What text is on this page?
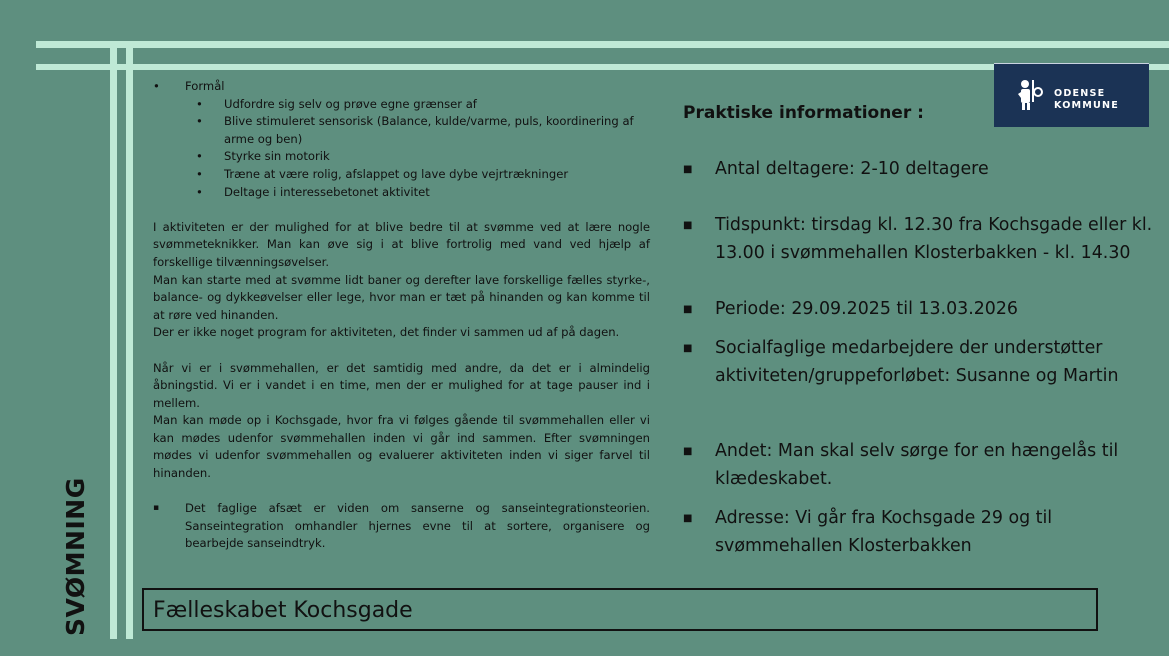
ODENSE
KOMMUNE
• Formål
• Udfordre sig selv og prøve egne grænser af
• Blive stimuleret sensorisk (Balance, kulde/varme, puls, koordinering af arme og ben)
• Styrke sin motorik
• Træne at være rolig, afslappet og lave dybe vejrtrækninger
• Deltage i interessebetonet aktivitet

I aktiviteten er der mulighed for at blive bedre til at svømme ved at lære nogle svømmeteknikker. Man kan øve sig i at blive fortrolig med vand ved hjælp af forskellige tilvænningsøvelser.

Man kan starte med at svømme lidt baner og derefter lave forskellige fælles styrke-, balance- og dykkeøvelser eller lege, hvor man er tæt på hinanden og kan komme til at røre ved hinanden.

Der er ikke noget program for aktiviteten, det finder vi sammen ud af på dagen.

Når vi er i svømmehallen, er det samtidig med andre, da det er i almindelig åbningstid. Vi er i vandet i en time, men der er mulighed for at tage pauser ind i mellem.

Man kan møde op i Kochsgade, hvor fra vi følges gående til svømmehallen eller vi kan mødes udenfor svømmehallen inden vi går ind sammen. Efter svømningen mødes vi udenfor svømmehallen og evaluerer aktiviteten inden vi siger farvel til hinanden.

▪ Det faglige afsæt er viden om sanserne og sanseintegrationsteorien. Sanseintegration omhandler hjernes evne til at sortere, organisere og bearbejde sanseindtryk.

Praktiske informationer :

■ Antal deltagere: 2-10 deltagere
■ Tidspunkt: tirsdag kl. 12.30 fra Kochsgade eller kl. 13.00 i svømmehallen Klosterbakken - kl. 14.30
■ Periode: 29.09.2025 til 13.03.2026
■ Socialfaglige medarbejdere der understøtter aktiviteten/gruppeforløbet: Susanne og Martin
■ Andet: Man skal selv sørge for en hængelås til klædeskabet.
■ Adresse: Vi går fra Kochsgade 29 og til svømmehallen Klosterbakken
SVØMNING	Fælleskabet Kochsgade
